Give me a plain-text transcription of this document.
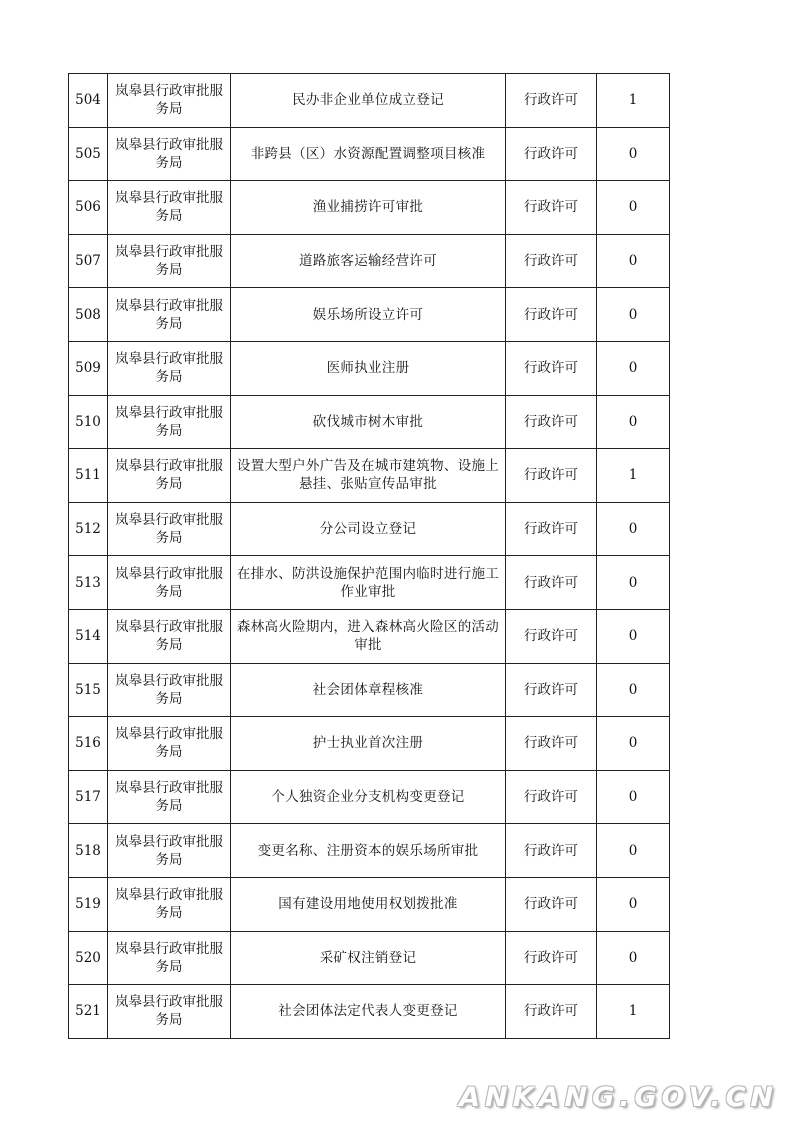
504	岚皋县行政审批服务局	民办非企业单位成立登记	行政许可	1
505	岚皋县行政审批服务局	非跨县（区）水资源配置调整项目核准	行政许可	0
506	岚皋县行政审批服务局	渔业捕捞许可审批	行政许可	0
507	岚皋县行政审批服务局	道路旅客运输经营许可	行政许可	0
508	岚皋县行政审批服务局	娱乐场所设立许可	行政许可	0
509	岚皋县行政审批服务局	医师执业注册	行政许可	0
510	岚皋县行政审批服务局	砍伐城市树木审批	行政许可	0
511	岚皋县行政审批服务局	设置大型户外广告及在城市建筑物、设施上悬挂、张贴宣传品审批	行政许可	1
512	岚皋县行政审批服务局	分公司设立登记	行政许可	0
513	岚皋县行政审批服务局	在排水、防洪设施保护范围内临时进行施工作业审批	行政许可	0
514	岚皋县行政审批服务局	森林高火险期内，进入森林高火险区的活动审批	行政许可	0
515	岚皋县行政审批服务局	社会团体章程核准	行政许可	0
516	岚皋县行政审批服务局	护士执业首次注册	行政许可	0
517	岚皋县行政审批服务局	个人独资企业分支机构变更登记	行政许可	0
518	岚皋县行政审批服务局	变更名称、注册资本的娱乐场所审批	行政许可	0
519	岚皋县行政审批服务局	国有建设用地使用权划拨批准	行政许可	0
520	岚皋县行政审批服务局	采矿权注销登记	行政许可	0
521	岚皋县行政审批服务局	社会团体法定代表人变更登记	行政许可	1
ANKANG.GOV.CN
